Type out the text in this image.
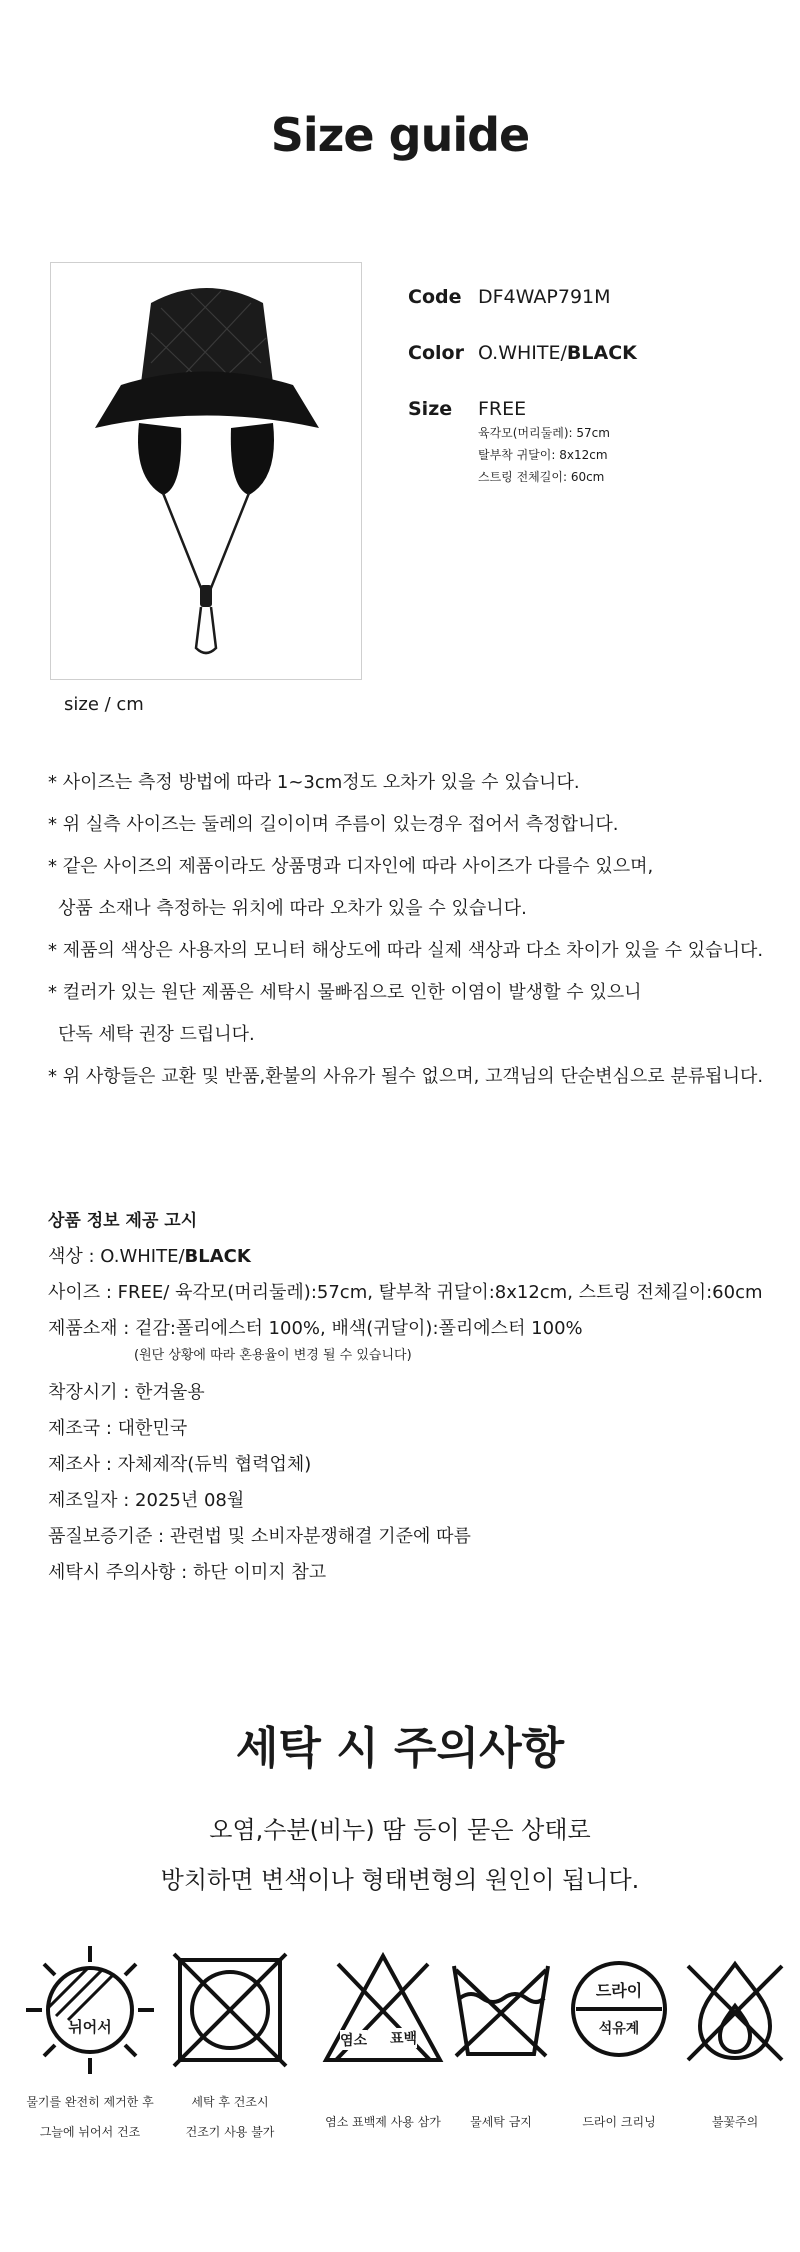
Size guide
size / cm
Code DF4WAP791M
Color O.WHITE/BLACK
Size FREE
육각모(머리둘레): 57cm
탈부착 귀달이: 8x12cm
스트링 전체길이: 60cm
* 사이즈는 측정 방법에 따라 1~3cm정도 오차가 있을 수 있습니다.
* 위 실측 사이즈는 둘레의 길이이며 주름이 있는경우 접어서 측정합니다.
* 같은 사이즈의 제품이라도 상품명과 디자인에 따라 사이즈가 다를수 있으며,
상품 소재나 측정하는 위치에 따라 오차가 있을 수 있습니다.
* 제품의 색상은 사용자의 모니터 해상도에 따라 실제 색상과 다소 차이가 있을 수 있습니다.
* 컬러가 있는 원단 제품은 세탁시 물빠짐으로 인한 이염이 발생할 수 있으니
단독 세탁 권장 드립니다.
* 위 사항들은 교환 및 반품,환불의 사유가 될수 없으며, 고객님의 단순변심으로 분류됩니다.
상품 정보 제공 고시
색상 : O.WHITE/BLACK
사이즈 : FREE/ 육각모(머리둘레):57cm, 탈부착 귀달이:8x12cm, 스트링 전체길이:60cm
제품소재 : 겉감:폴리에스터 100%, 배색(귀달이):폴리에스터 100%
(원단 상황에 따라 혼용율이 변경 될 수 있습니다)
착장시기 : 한겨울용
제조국 : 대한민국
제조사 : 자체제작(듀빅 협력업체)
제조일자 : 2025년 08월
품질보증기준 : 관련법 및 소비자분쟁해결 기준에 따름
세탁시 주의사항 : 하단 이미지 참고
세탁 시 주의사항
오염,수분(비누) 땀 등이 묻은 상태로
방치하면 변색이나 형태변형의 원인이 됩니다.
뉘어서
물기를 완전히 제거한 후
그늘에 뉘어서 건조
세탁 후 건조시
건조기 사용 불가
염소 표백
염소 표백제 사용 삼가	물세탁 금지
드라이
석유계
드라이 크리닝	불꽃주의
